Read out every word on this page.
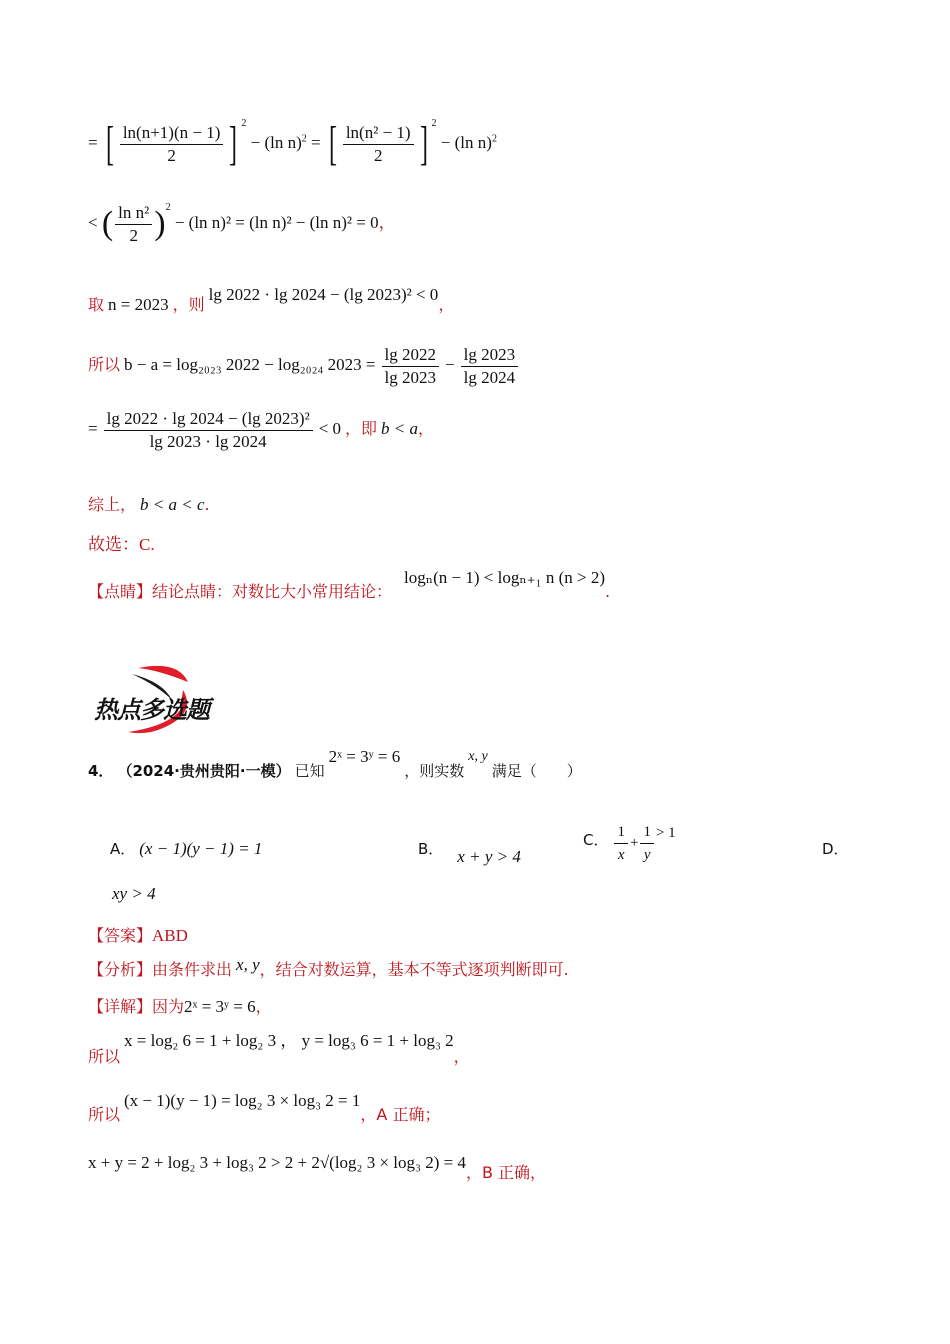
= [ $\frac{\ln(n+1)(n - 1)}{2}$ ] $^2$ − (ln n)$^2$ = [ $\frac{\text{ln(n² − 1)}}{2}$ ] $^2$ − (ln n)$^2$
< ( $\frac{\text{ln n²}}{2} )^2 - (\ln$ n)² = (ln n)² − (ln n)² = 0，
取 n = 2023 ，则 lg 2022 · lg 2024 − (lg 2023)² < 0，
所以 b − a = log₂₀₂₃ 2022 − log₂₀₂₄ $2023 = \frac{\lg 2022}{\lg 2023} - \frac{\lg 2023}{\lg 2024}$
= $\frac{\text{lg 2022 · lg 2024 − (lg 2023)²}}{\lg 2023 \cdot \lg 2024} < 0$ ，即 b < a，
综上， b < a < c.
故选：C.
【点睛】结论点睛：对数比大小常用结论： logₙ(n − 1) < logₙ₊₁ n (n > 2).
热点多选题
4． （2024·贵州贵阳·一模） 已知 2ˣ = 3ʸ = 6 ，则实数 x, y 满足（　　）
A． (x − 1)(y − 1) = 1	B． x + y > 4
C． $\frac{1}{x} + \frac{1}{y} > 1$
D．
xy > 4
【答案】ABD
【分析】由条件求出 x, y，结合对数运算，基本不等式逐项判断即可.
【详解】因为2ˣ = 3ʸ = 6，
所以 x = log₂ 6 = 1 + log₂ 3 ， y = log₃ 6 = 1 + log₃ 2，
所以 (x − 1)(y − 1) = log₂ 3 × log₃ 2 = 1，A 正确；
x + y = 2 + log₂ 3 + log₃ 2 > 2 + 2√(log₂ 3 × log₃ 2) = 4，B 正确，
